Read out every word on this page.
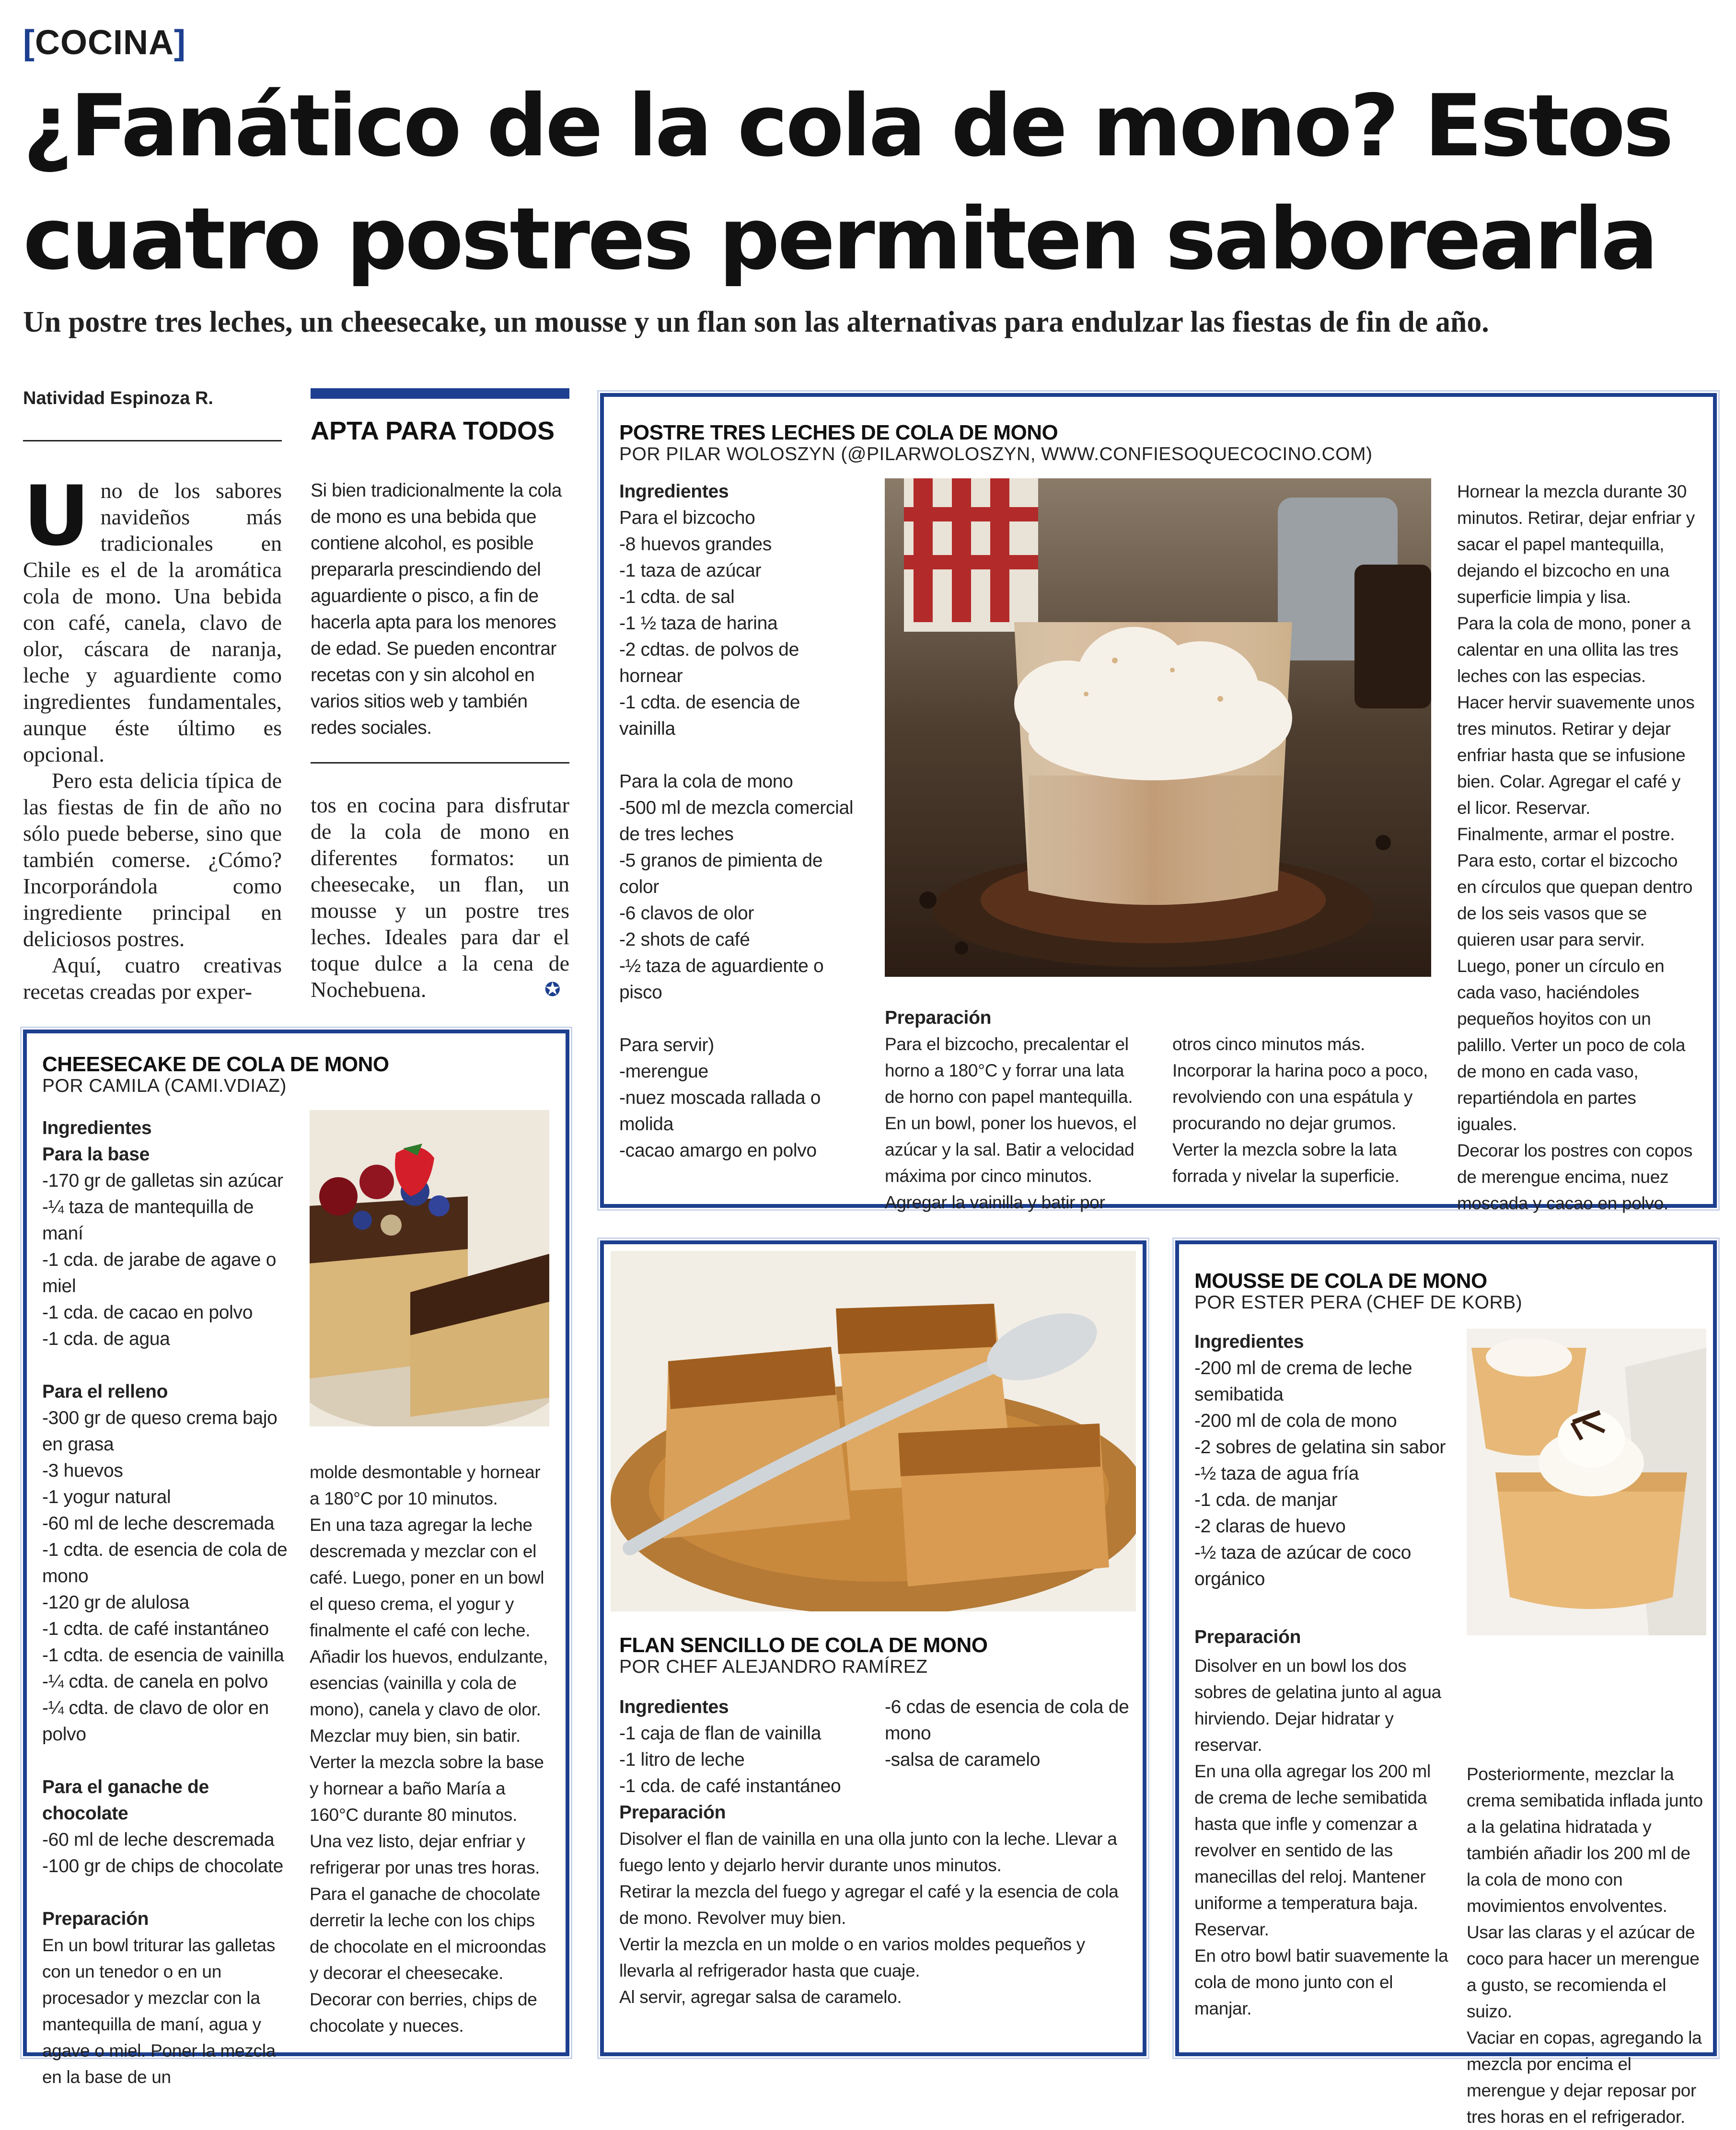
[COCINA]
¿Fanático de la cola de mono? Estos
cuatro postres permiten saborearla
Un postre tres leches, un cheesecake, un mousse y un flan son las alternativas para endulzar las fiestas de fin de año.
Natividad Espinoza R.
U no de los sabores navideños más tradicionales en Chile es el de la aromática cola de mono. Una bebida con café, canela, clavo de olor, cáscara de naranja, leche y aguardiente como ingredientes fundamentales, aunque éste último es opcional.

Pero esta delicia típica de las fiestas de fin de año no sólo puede beberse, sino que también comerse. ¿Cómo? Incorporándola como ingrediente principal en deliciosos postres.

Aquí, cuatro creativas recetas creadas por exper-

APTA PARA TODOS

Si bien tradicionalmente la cola de mono es una bebida que contiene alcohol, es posible prepararla prescindiendo del aguardiente o pisco, a fin de hacerla apta para los menores de edad. Se pueden encontrar recetas con y sin alcohol en varios sitios web y también redes sociales.

tos en cocina para disfrutar de la cola de mono en diferentes formatos: un cheesecake, un flan, un mousse y un postre tres leches. Ideales para dar el toque dulce a la cena de Nochebuena.	✪
POSTRE TRES LECHES DE COLA DE MONO
POR PILAR WOLOSZYN (@PILARWOLOSZYN, WWW.CONFIESOQUECOCINO.COM)

Ingredientes

Para el bizcocho

-8 huevos grandes

-1 taza de azúcar

-1 cdta. de sal

-1 ½ taza de harina

-2 cdtas. de polvos de hornear

-1 cdta. de esencia de vainilla

Para la cola de mono

-500 ml de mezcla comercial de tres leches

-5 granos de pimienta de color

-6 clavos de olor

-2 shots de café

-½ taza de aguardiente o pisco

Para servir)

-merengue

-nuez moscada rallada o molida

-cacao amargo en polvo

Preparación

Para el bizcocho, precalentar el horno a 180°C y forrar una lata de horno con papel mantequilla. En un bowl, poner los huevos, el azúcar y la sal. Batir a velocidad máxima por cinco minutos. Agregar la vainilla y batir por otros cinco minutos más. Incorporar la harina poco a poco, revolviendo con una espátula y procurando no dejar grumos. Verter la mezcla sobre la lata forrada y nivelar la superficie.

Hornear la mezcla durante 30 minutos. Retirar, dejar enfriar y sacar el papel mantequilla, dejando el bizcocho en una superficie limpia y lisa.

Para la cola de mono, poner a calentar en una ollita las tres leches con las especias. Hacer hervir suavemente unos tres minutos. Retirar y dejar enfriar hasta que se infusione bien. Colar. Agregar el café y el licor. Reservar.

Finalmente, armar el postre. Para esto, cortar el bizcocho en círculos que quepan dentro de los seis vasos que se quieren usar para servir. Luego, poner un círculo en cada vaso, haciéndoles pequeños hoyitos con un palillo. Verter un poco de cola de mono en cada vaso, repartiéndola en partes iguales.

Decorar los postres con copos de merengue encima, nuez moscada y cacao en polvo.

CHEESECAKE DE COLA DE MONO
POR CAMILA (CAMI.VDIAZ)

Ingredientes

Para la base

-170 gr de galletas sin azúcar

-¼ taza de mantequilla de maní

-1 cda. de jarabe de agave o miel

-1 cda. de cacao en polvo

-1 cda. de agua

Para el relleno

-300 gr de queso crema bajo en grasa

-3 huevos

-1 yogur natural

-60 ml de leche descremada

-1 cdta. de esencia de cola de mono

-120 gr de alulosa

-1 cdta. de café instantáneo

-1 cdta. de esencia de vainilla

-¼ cdta. de canela en polvo

-¼ cdta. de clavo de olor en polvo

Para el ganache de chocolate

-60 ml de leche descremada

-100 gr de chips de chocolate

Preparación

En un bowl triturar las galletas con un tenedor o en un procesador y mezclar con la mantequilla de maní, agua y agave o miel. Poner la mezcla en la base de un

molde desmontable y hornear a 180°C por 10 minutos.

En una taza agregar la leche descremada y mezclar con el café. Luego, poner en un bowl el queso crema, el yogur y finalmente el café con leche. Añadir los huevos, endulzante, esencias (vainilla y cola de mono), canela y clavo de olor. Mezclar muy bien, sin batir.

Verter la mezcla sobre la base y hornear a baño María a 160°C durante 80 minutos. Una vez listo, dejar enfriar y refrigerar por unas tres horas.

Para el ganache de chocolate derretir la leche con los chips de chocolate en el microondas y decorar el cheesecake.

Decorar con berries, chips de chocolate y nueces.

FLAN SENCILLO DE COLA DE MONO
POR CHEF ALEJANDRO RAMÍREZ

Ingredientes

-1 caja de flan de vainilla

-1 litro de leche

-1 cda. de café instantáneo

-6 cdas de esencia de cola de mono

-salsa de caramelo

Preparación

Disolver el flan de vainilla en una olla junto con la leche. Llevar a fuego lento y dejarlo hervir durante unos minutos.

Retirar la mezcla del fuego y agregar el café y la esencia de cola de mono. Revolver muy bien.

Vertir la mezcla en un molde o en varios moldes pequeños y llevarla al refrigerador hasta que cuaje.

Al servir, agregar salsa de caramelo.

MOUSSE DE COLA DE MONO
POR ESTER PERA (CHEF DE KORB)

Ingredientes

-200 ml de crema de leche semibatida

-200 ml de cola de mono

-2 sobres de gelatina sin sabor

-½ taza de agua fría

-1 cda. de manjar

-2 claras de huevo

-½ taza de azúcar de coco orgánico

Preparación

Disolver en un bowl los dos sobres de gelatina junto al agua hirviendo. Dejar hidratar y reservar.

En una olla agregar los 200 ml de crema de leche semibatida hasta que infle y comenzar a revolver en sentido de las manecillas del reloj. Mantener uniforme a temperatura baja. Reservar.

En otro bowl batir suavemente la cola de mono junto con el manjar.

Posteriormente, mezclar la crema semibatida inflada junto a la gelatina hidratada y también añadir los 200 ml de la cola de mono con movimientos envolventes.

Usar las claras y el azúcar de coco para hacer un merengue a gusto, se recomienda el suizo.

Vaciar en copas, agregando la mezcla por encima el merengue y dejar reposar por tres horas en el refrigerador.
